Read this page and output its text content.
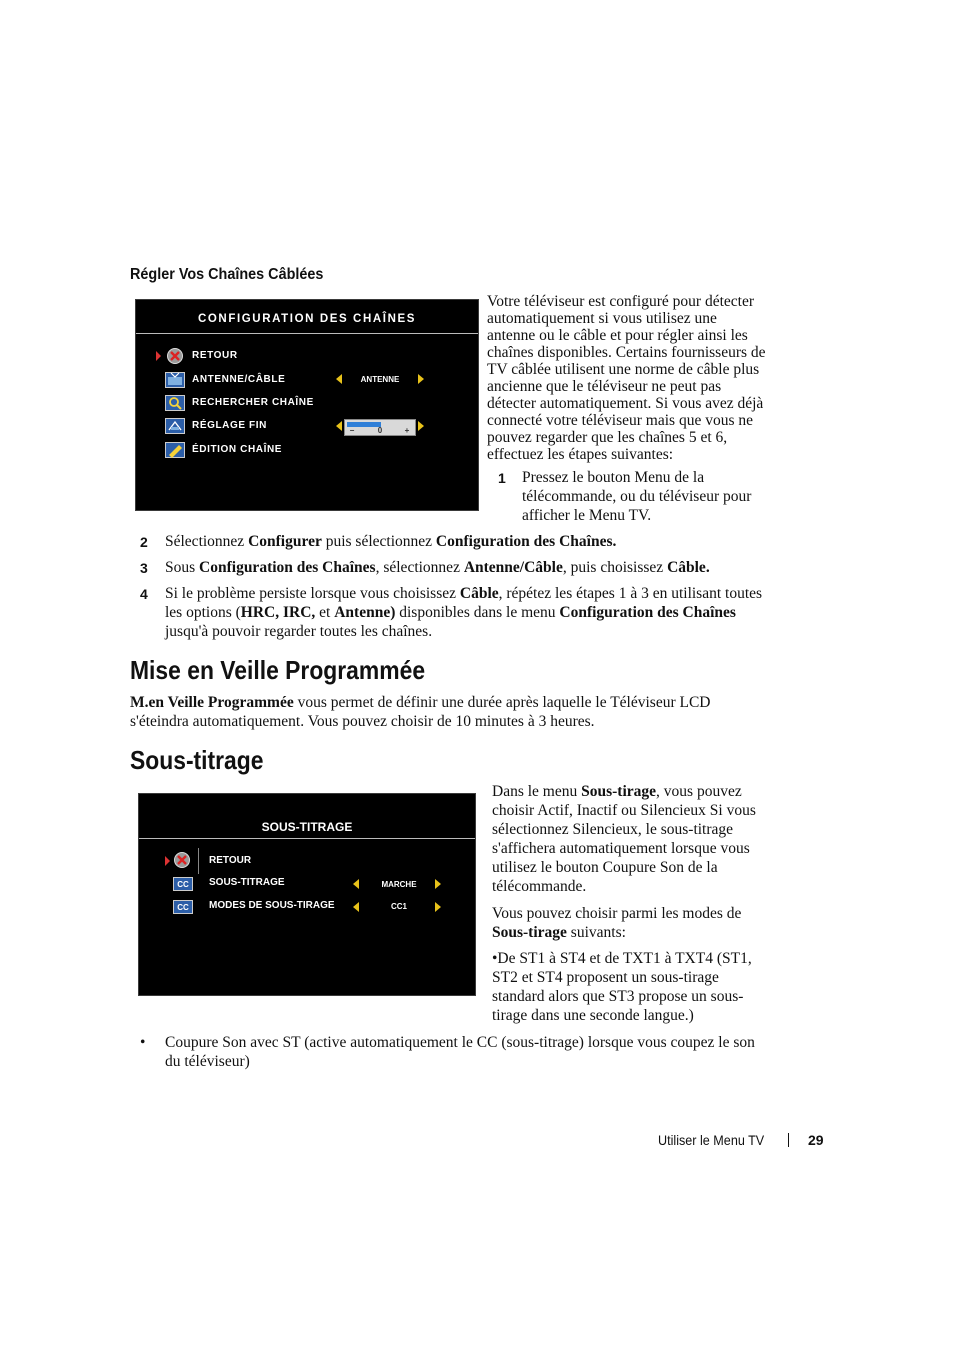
Régler Vos Chaînes Câblées
CONFIGURATION DES CHAÎNES
RETOUR
ANTENNE/CÂBLE	ANTENNE
RECHERCHER CHAÎNE
RÉGLAGE FIN	−	0	+
ÉDITION CHAÎNE
Votre téléviseur est configuré pour détecter automatiquement si vous utilisez une antenne ou le câble et pour régler ainsi les chaînes disponibles. Certains fournisseurs de TV câblée utilisent une norme de câble plus ancienne que le téléviseur ne peut pas détecter automatiquement. Si vous avez déjà connecté votre téléviseur mais que vous ne pouvez regarder que les chaînes 5 et 6, effectuez les étapes suivantes:
1 Pressez le bouton Menu de la télécommande, ou du téléviseur pour afficher le Menu TV.
2 Sélectionnez Configurer puis sélectionnez Configuration des Chaînes.
3 Sous Configuration des Chaînes, sélectionnez Antenne/Câble, puis choisissez Câble.
4 Si le problème persiste lorsque vous choisissez Câble, répétez les étapes 1 à 3 en utilisant toutes les options (HRC, IRC, et Antenne) disponibles dans le menu Configuration des Chaînes jusqu'à pouvoir regarder toutes les chaînes.
Mise en Veille Programmée
M.en Veille Programmée vous permet de définir une durée après laquelle le Téléviseur LCD s'éteindra automatiquement. Vous pouvez choisir de 10 minutes à 3 heures.
Sous-titrage
SOUS-TITRAGE
RETOUR
CC SOUS-TITRAGE	MARCHE
CC MODES DE SOUS-TIRAGE	CC1
Dans le menu Sous-tirage, vous pouvez choisir Actif, Inactif ou Silencieux Si vous sélectionnez Silencieux, le sous-titrage s'affichera automatiquement lorsque vous utilisez le bouton Coupure Son de la télécommande.
Vous pouvez choisir parmi les modes de Sous-tirage suivants:
•De ST1 à ST4 et de TXT1 à TXT4 (ST1, ST2 et ST4 proposent un sous-tirage standard alors que ST3 propose un sous-tirage dans une seconde langue.)
• Coupure Son avec ST (active automatiquement le CC (sous-titrage) lorsque vous coupez le son du téléviseur)
Utiliser le Menu TV	29
